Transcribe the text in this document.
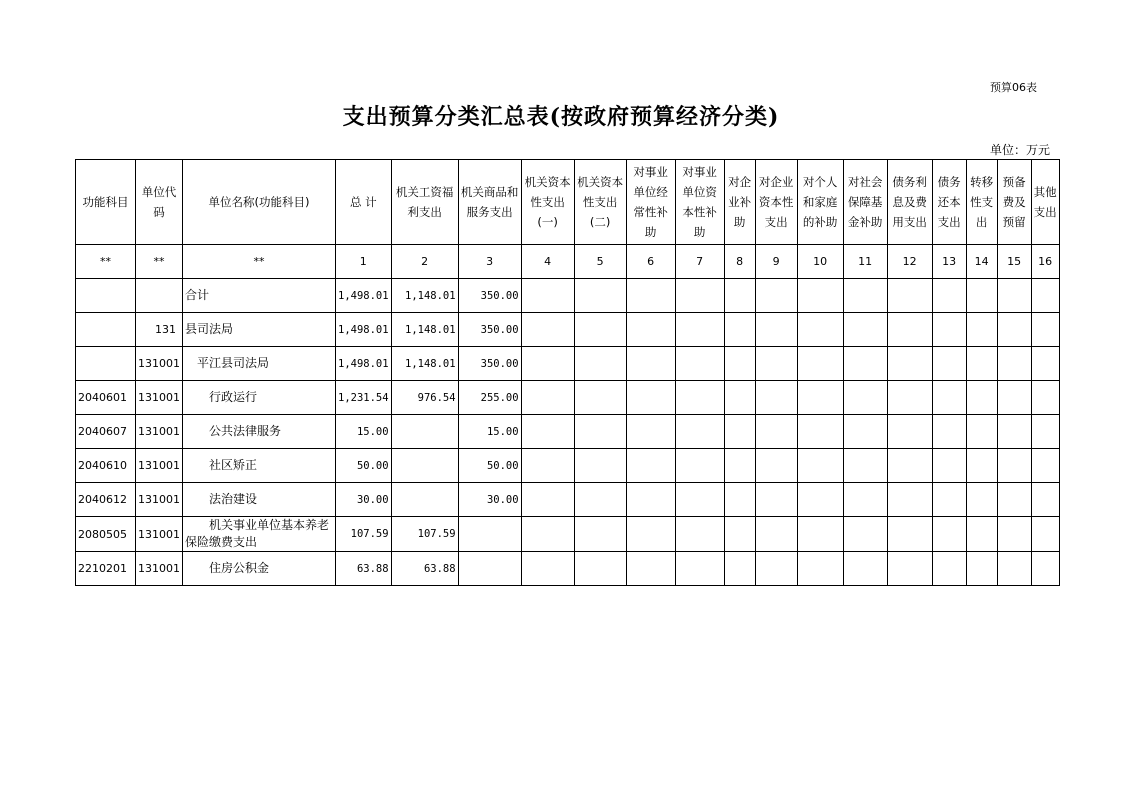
预算06表
支出预算分类汇总表(按政府预算经济分类)
单位：万元
功能科目	单位代码	单位名称(功能科目)	总 计	机关工资福利支出	机关商品和服务支出	机关资本性支出(一)	机关资本性支出(二)	对事业单位经常性补助	对事业单位资本性补助	对企业补助	对企业资本性支出	对个人和家庭的补助	对社会保障基金补助	债务利息及费用支出	债务还本支出	转移性支出	预备费及预留	其他支出
**	**	**	1	2	3	4	5	6	7	8	9	10	11	12	13	14	15	16
		合计	1,498.01	1,148.01	350.00													
	131	县司法局	1,498.01	1,148.01	350.00													
	131001	平江县司法局	1,498.01	1,148.01	350.00													
2040601	131001	行政运行	1,231.54	976.54	255.00													
2040607	131001	公共法律服务	15.00		15.00													
2040610	131001	社区矫正	50.00		50.00													
2040612	131001	法治建设	30.00		30.00													
2080505	131001	机关事业单位基本养老保险缴费支出	107.59	107.59														
2210201	131001	住房公积金	63.88	63.88														
